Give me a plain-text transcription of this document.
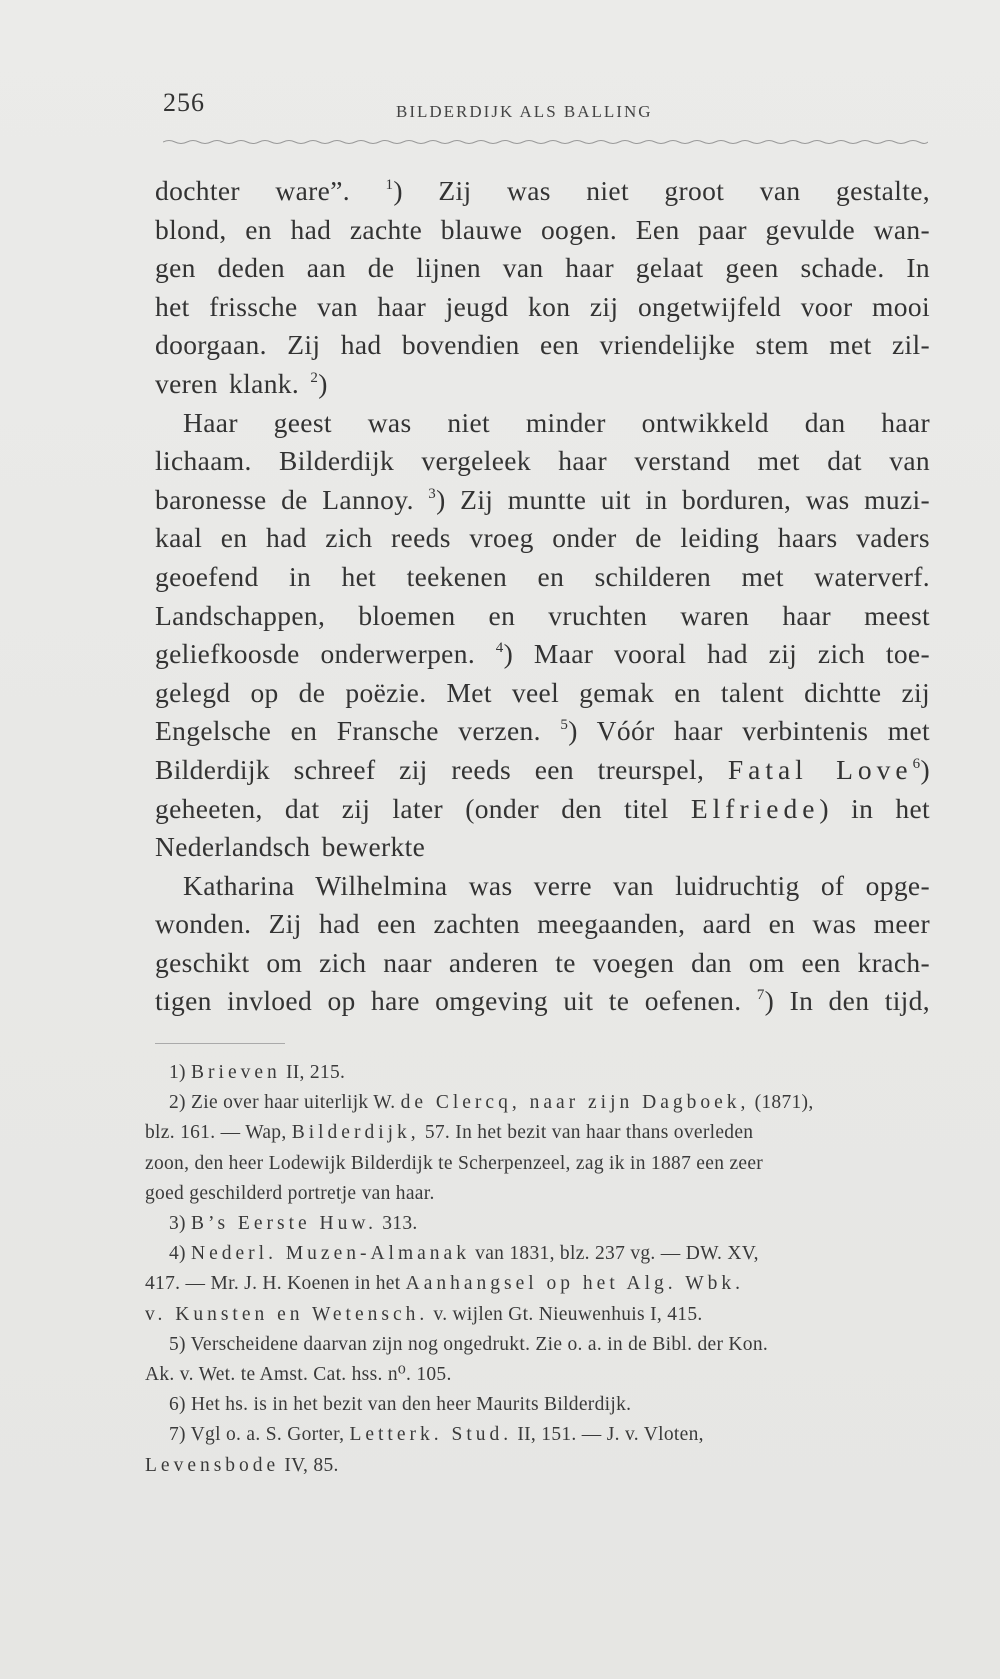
256	BILDERDIJK ALS BALLING

dochter ware”. $^1$) Zij was niet groot van gestalte,

blond, en had zachte blauwe oogen. Een paar gevulde wan-

gen deden aan de lijnen van haar gelaat geen schade. In

het frissche van haar jeugd kon zij ongetwijfeld voor mooi

doorgaan. Zij had bovendien een vriendelijke stem met zil-

veren klank. $^2$)

Haar geest was niet minder ontwikkeld dan haar

lichaam. Bilderdijk vergeleek haar verstand met dat van

baronesse de Lannoy. $^3$) Zij muntte uit in borduren, was muzi-

kaal en had zich reeds vroeg onder de leiding haars vaders

geoefend in het teekenen en schilderen met waterverf.

Landschappen, bloemen en vruchten waren haar meest

geliefkoosde onderwerpen. $^4$) Maar vooral had zij zich toe-

gelegd op de poëzie. Met veel gemak en talent dichtte zij

Engelsche en Fransche verzen. $^5$) Vóór haar verbintenis met

Bilderdijk schreef zij reeds een treurspel, Fatal Love$^6$)

geheeten, dat zij later (onder den titel Elfriede) in het

Nederlandsch bewerkte

Katharina Wilhelmina was verre van luidruchtig of opge-

wonden. Zij had een zachten meegaanden, aard en was meer

geschikt om zich naar anderen te voegen dan om een krach-

tigen invloed op hare omgeving uit te oefenen. $^7$) In den tijd,

1) Brieven II, 215.

2) Zie over haar uiterlijk W. de Clercq, naar zijn Dagboek, (1871),

blz. 161. — Wap, Bilderdijk, 57. In het bezit van haar thans overleden

zoon, den heer Lodewijk Bilderdijk te Scherpenzeel, zag ik in 1887 een zeer

goed geschilderd portretje van haar.

3) B’s Eerste Huw. 313.

4) Nederl. Muzen-Almanak van 1831, blz. 237 vg. — DW. XV,

417. — Mr. J. H. Koenen in het Aanhangsel op het Alg. Wbk.

v. Kunsten en Wetensch. v. wijlen Gt. Nieuwenhuis I, 415.

5) Verscheidene daarvan zijn nog ongedrukt. Zie o. a. in de Bibl. der Kon.

Ak. v. Wet. te Amst. Cat. hss. n⁰. 105.

6) Het hs. is in het bezit van den heer Maurits Bilderdijk.

7) Vgl o. a. S. Gorter, Letterk. Stud. II, 151. — J. v. Vloten,

Levensbode IV, 85.
